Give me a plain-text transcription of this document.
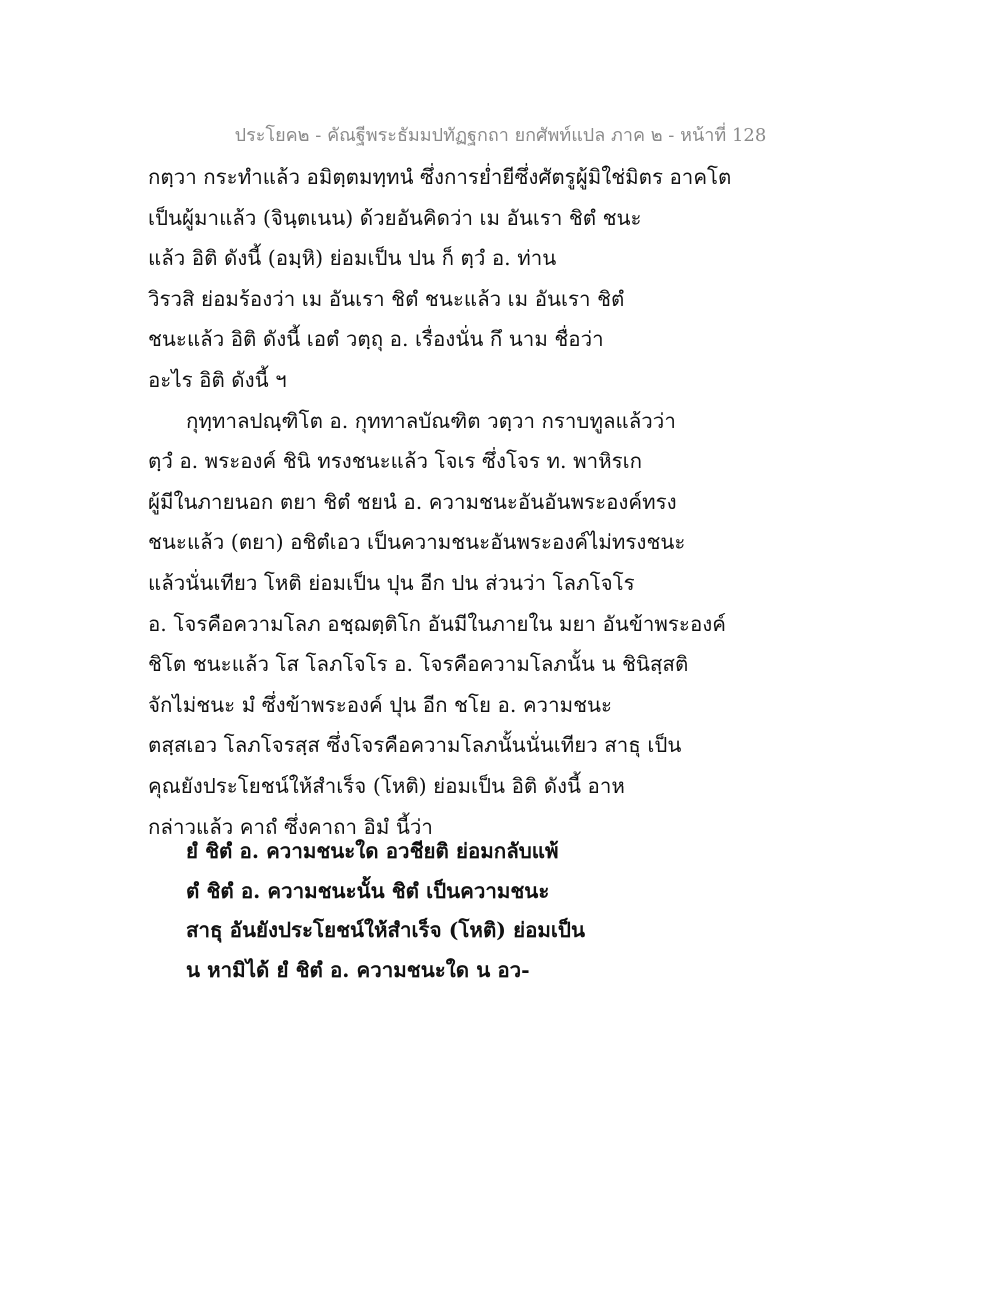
ประโยค๒ - คัณฐีพระธัมมปทัฏฐกถา ยกศัพท์แปล ภาค ๒ - หน้าที่ 128
กตฺวา กระทำแล้ว อมิตฺตมทฺทนํ ซึ่งการย่ำยีซึ่งศัตรูผู้มิใช่มิตร อาคโต
เป็นผู้มาแล้ว (จินฺตเนน) ด้วยอันคิดว่า เม อันเรา ชิตํ ชนะ
แล้ว อิติ ดังนี้ (อมฺหิ) ย่อมเป็น ปน ก็ ตฺวํ อ. ท่าน
วิรวสิ ย่อมร้องว่า เม อันเรา ชิตํ ชนะแล้ว เม อันเรา ชิตํ
ชนะแล้ว อิติ ดังนี้ เอตํ วตฺถุ อ. เรื่องนั่น กึ นาม ชื่อว่า
อะไร อิติ ดังนี้ ฯ
กุทฺทาลปณฺฑิโต อ. กุททาลบัณฑิต วตฺวา กราบทูลแล้วว่า
ตฺวํ อ. พระองค์ ชินิ ทรงชนะแล้ว โจเร ซึ่งโจร ท. พาหิรเก
ผู้มีในภายนอก ตยา ชิตํ ชยนํ อ. ความชนะอันอันพระองค์ทรง
ชนะแล้ว (ตยา) อชิตํเอว เป็นความชนะอันพระองค์ไม่ทรงชนะ
แล้วนั่นเทียว โหติ ย่อมเป็น ปุน อีก ปน ส่วนว่า โลภโจโร
อ. โจรคือความโลภ อชฺฌตฺติโก อันมีในภายใน มยา อันข้าพระองค์
ชิโต ชนะแล้ว โส โลภโจโร อ. โจรคือความโลภนั้น น ชินิสฺสติ
จักไม่ชนะ มํ ซึ่งข้าพระองค์ ปุน อีก ชโย อ. ความชนะ
ตสฺสเอว โลภโจรสฺส ซึ่งโจรคือความโลภนั้นนั่นเทียว สาธุ เป็น
คุณยังประโยชน์ให้สำเร็จ (โหติ) ย่อมเป็น อิติ ดังนี้ อาห
กล่าวแล้ว คาถํ ซึ่งคาถา อิมํ นี้ว่า
ยํ ชิตํ อ. ความชนะใด อวชียติ ย่อมกลับแพ้
ตํ ชิตํ อ. ความชนะนั้น ชิตํ เป็นความชนะ
สาธุ อันยังประโยชน์ให้สำเร็จ (โหติ) ย่อมเป็น
น หามิได้ ยํ ชิตํ อ. ความชนะใด น อว-
